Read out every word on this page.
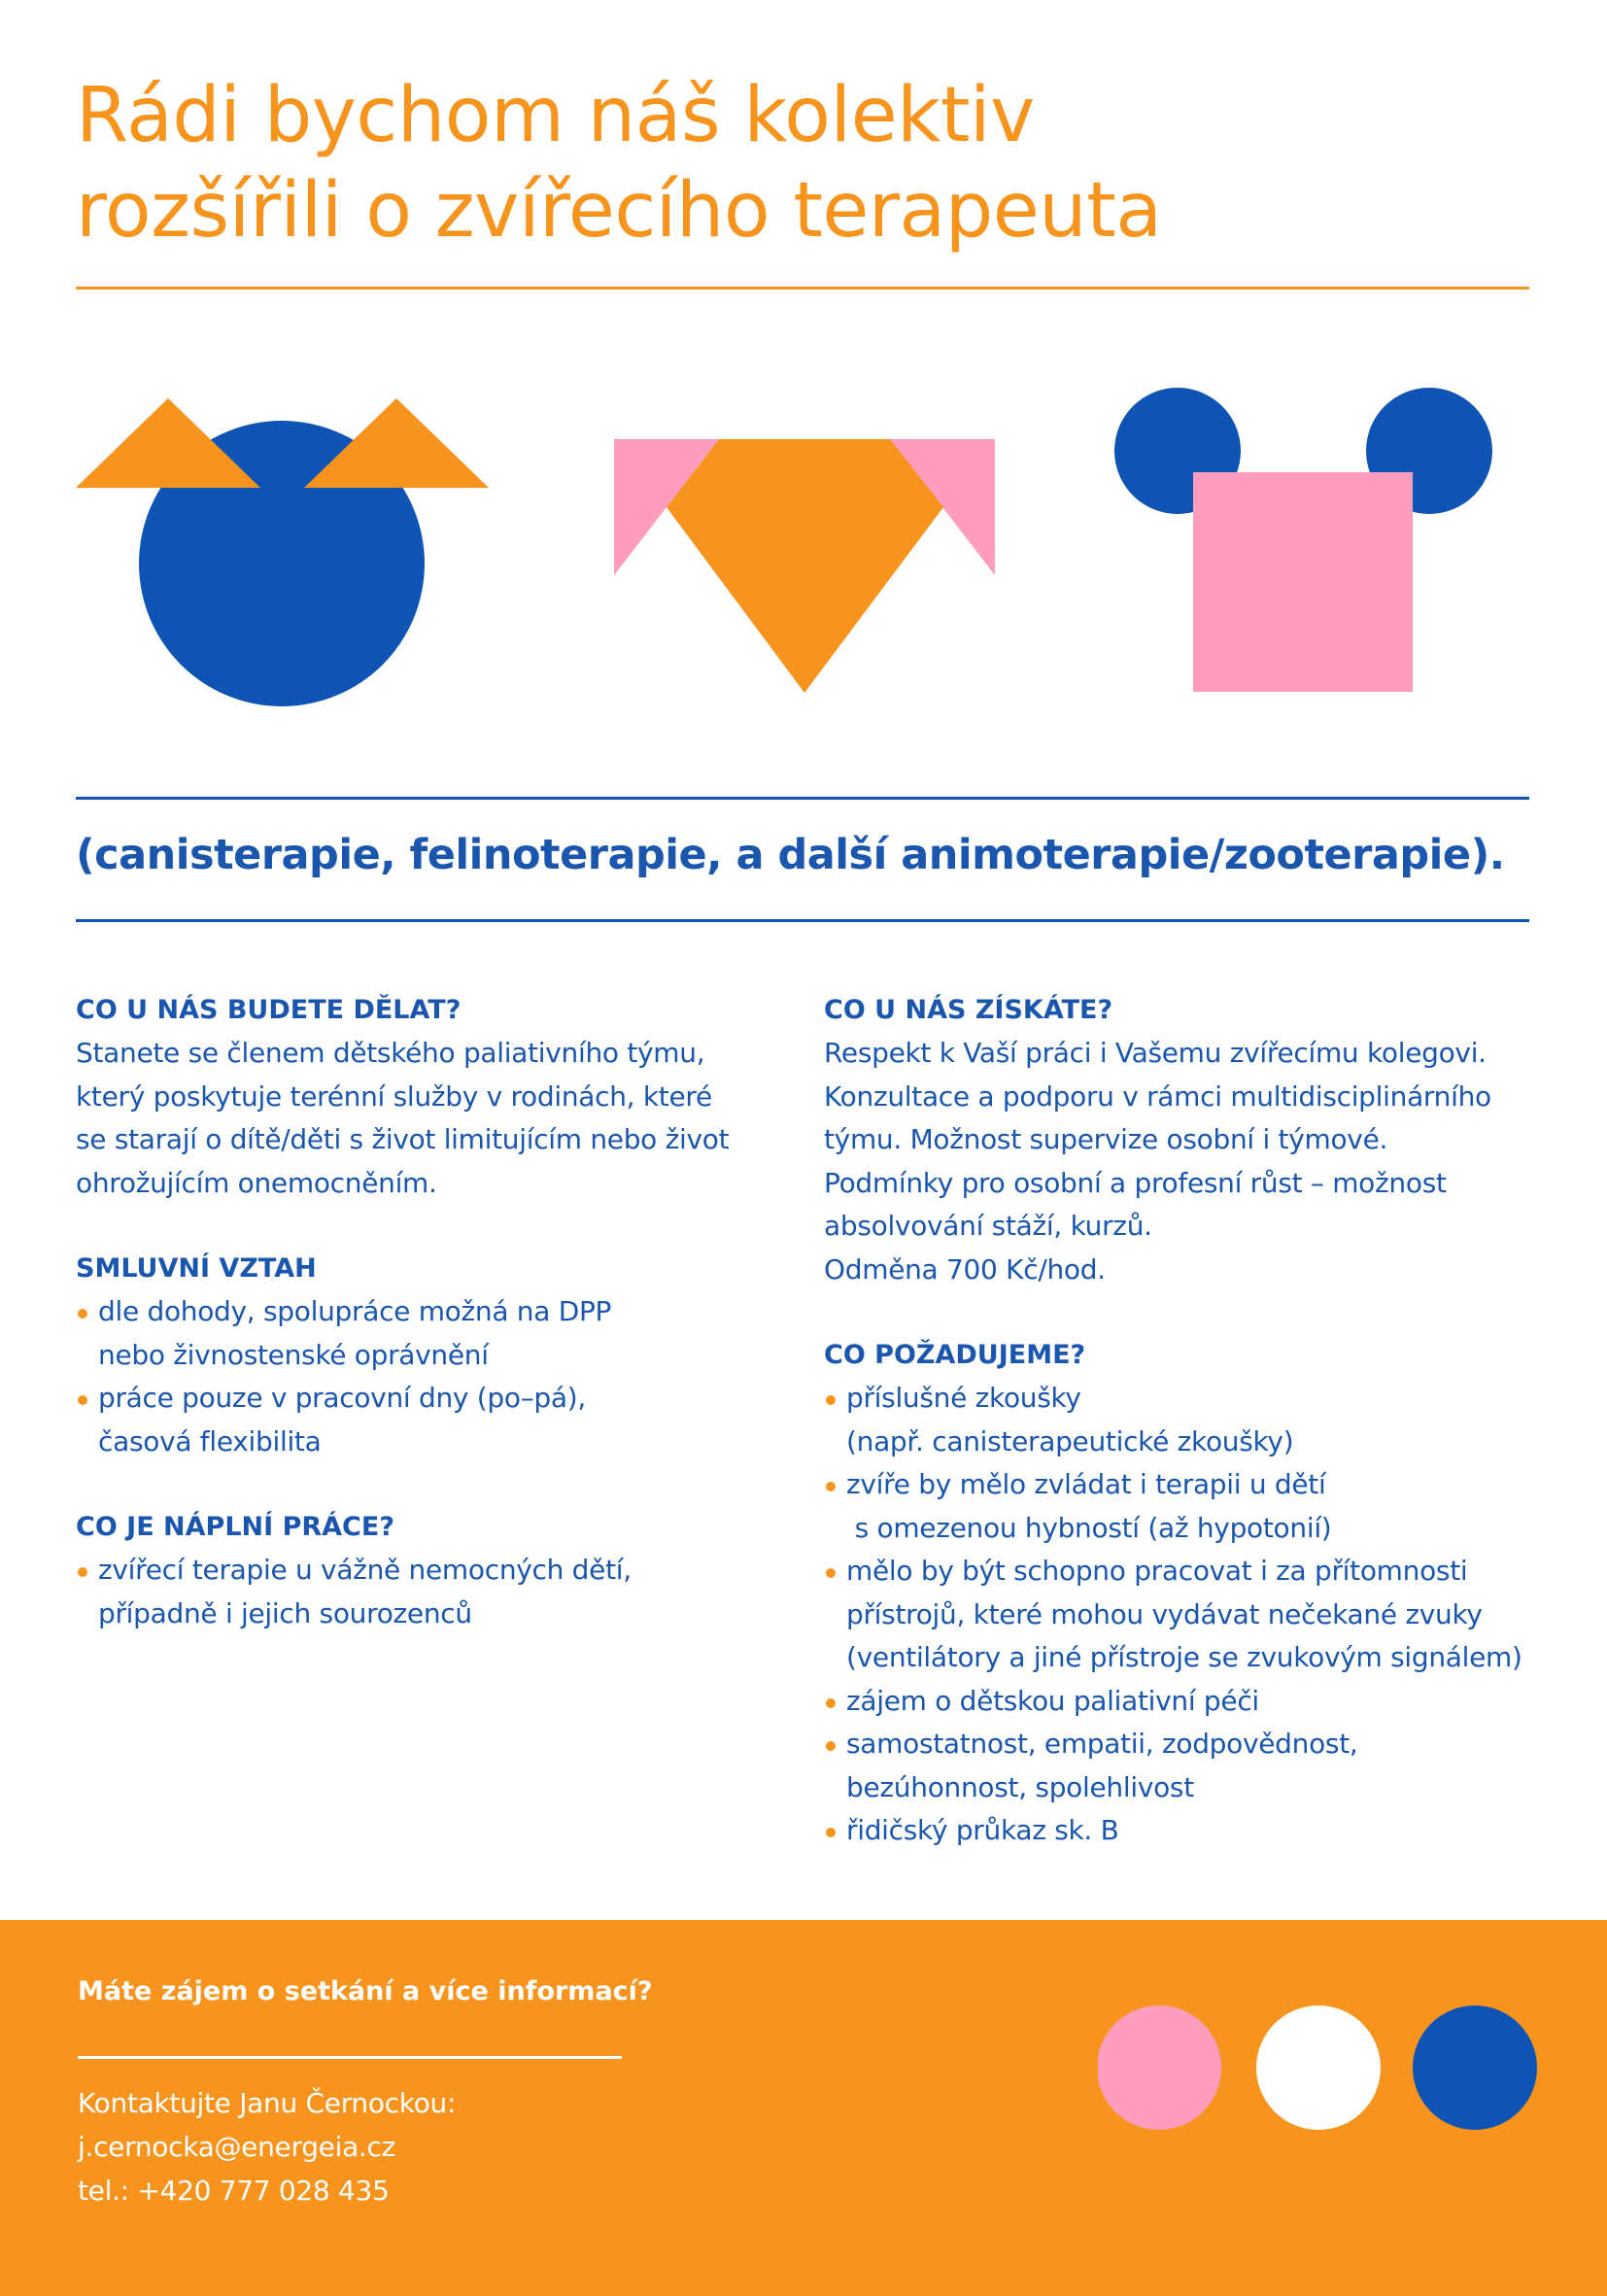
Rádi bychom náš kolektiv
rozšířili o zvířecího terapeuta
(canisterapie, felinoterapie, a další animoterapie/zooterapie).

CO U NÁS BUDETE DĚLAT?

Stanete se členem dětského paliativního týmu,

který poskytuje terénní služby v rodinách, které

se starají o dítě/děti s život limitujícím nebo život

ohrožujícím onemocněním.

SMLUVNÍ VZTAH

dle dohody, spolupráce možná na DPP
nebo živnostenské oprávnění
práce pouze v pracovní dny (po–pá),
časová flexibilita

CO JE NÁPLNÍ PRÁCE?

zvířecí terapie u vážně nemocných dětí,
případně i jejich sourozenců

CO U NÁS ZÍSKÁTE?

Respekt k Vaší práci i Vašemu zvířecímu kolegovi.

Konzultace a podporu v rámci multidisciplinárního

týmu. Možnost supervize osobní i týmové.

Podmínky pro osobní a profesní růst – možnost

absolvování stáží, kurzů.

Odměna 700 Kč/hod.

CO POŽADUJEME?

příslušné zkoušky
(např. canisterapeutické zkoušky)
zvíře by mělo zvládat i terapii u dětí
s omezenou hybností (až hypotonií)
mělo by být schopno pracovat i za přítomnosti
přístrojů, které mohou vydávat nečekané zvuky
(ventilátory a jiné přístroje se zvukovým signálem)
zájem o dětskou paliativní péči
samostatnost, empatii, zodpovědnost,
bezúhonnost, spolehlivost
řidičský průkaz sk. B

Máte zájem o setkání a více informací?

Kontaktujte Janu Černockou:

j.cernocka@energeia.cz

tel.: +420 777 028 435
